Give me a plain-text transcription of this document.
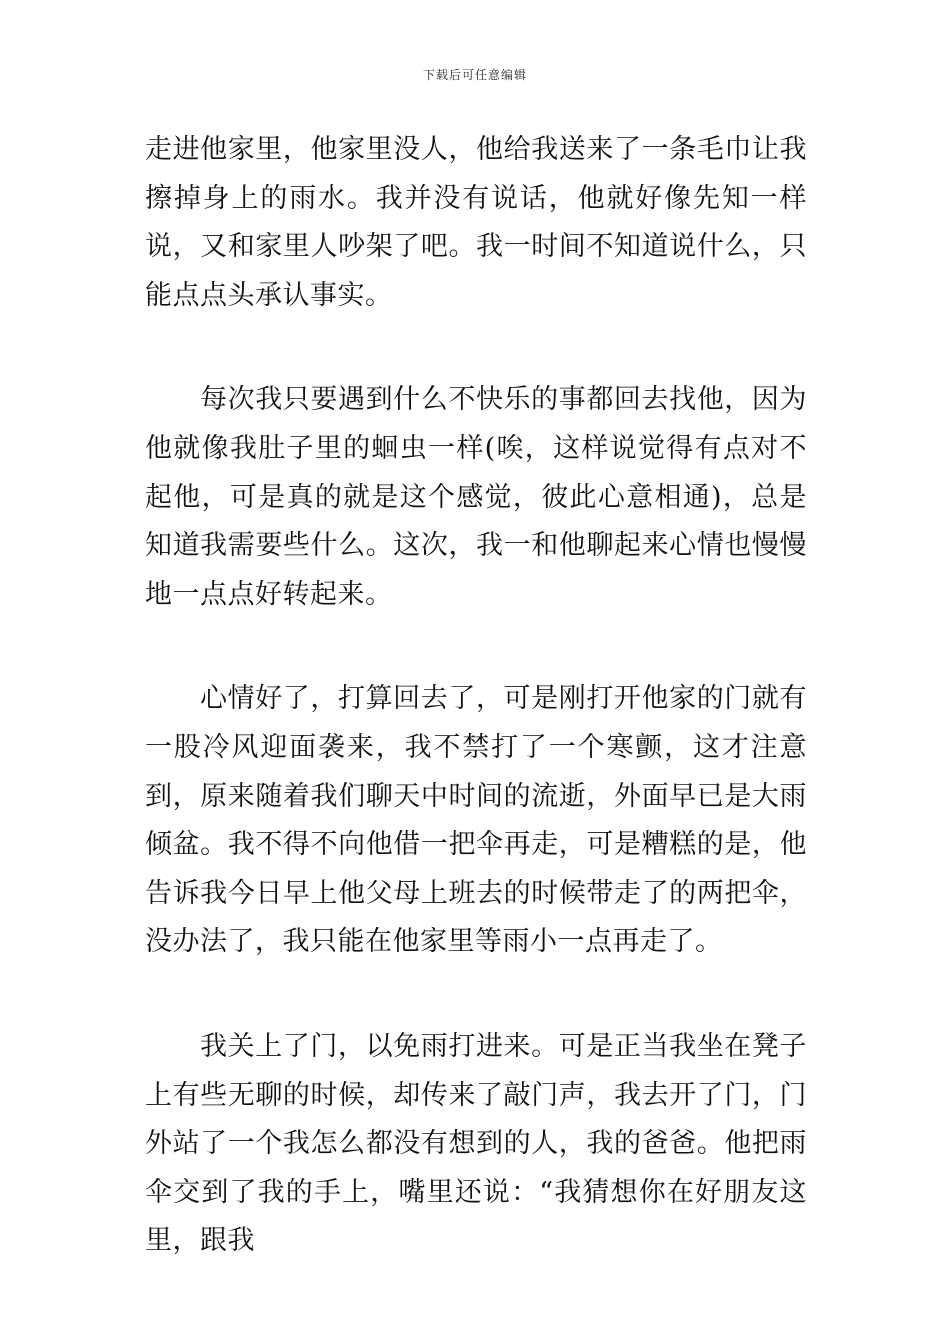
下载后可任意编辑

走进他家里，他家里没人，他给我送来了一条毛巾让我擦掉身上的雨水。我并没有说话，他就好像先知一样说，又和家里人吵架了吧。我一时间不知道说什么，只能点点头承认事实。

每次我只要遇到什么不快乐的事都回去找他，因为他就像我肚子里的蛔虫一样(唉，这样说觉得有点对不起他，可是真的就是这个感觉，彼此心意相通)，总是知道我需要些什么。这次，我一和他聊起来心情也慢慢地一点点好转起来。

心情好了，打算回去了，可是刚打开他家的门就有一股冷风迎面袭来，我不禁打了一个寒颤，这才注意到，原来随着我们聊天中时间的流逝，外面早已是大雨倾盆。我不得不向他借一把伞再走，可是糟糕的是，他告诉我今日早上他父母上班去的时候带走了的两把伞，没办法了，我只能在他家里等雨小一点再走了。

我关上了门，以免雨打进来。可是正当我坐在凳子上有些无聊的时候，却传来了敲门声，我去开了门，门外站了一个我怎么都没有想到的人，我的爸爸。他把雨伞交到了我的手上，嘴里还说：“我猜想你在好朋友这里，跟我
